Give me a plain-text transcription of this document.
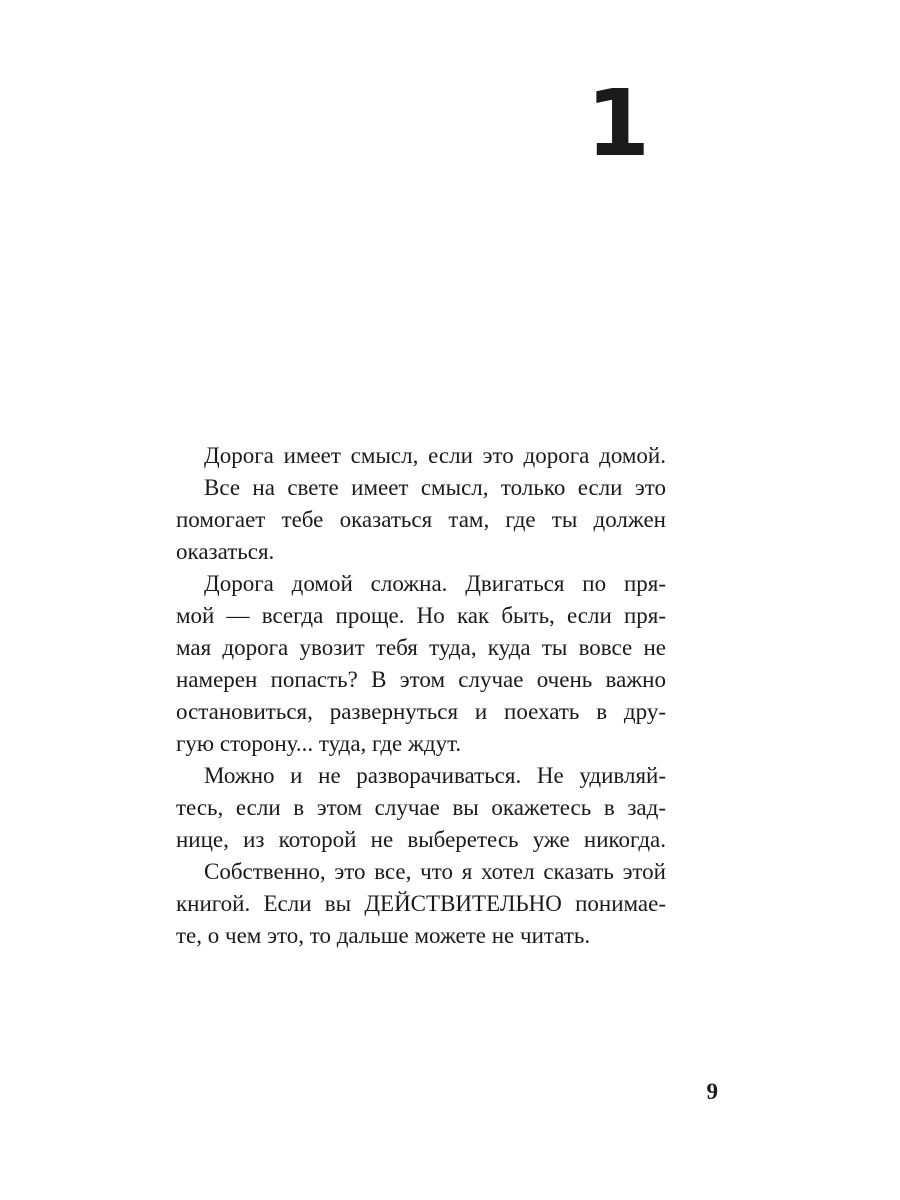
1
Дорога имеет смысл, если это дорога домой.
Все на свете имеет смысл, только если это
помогает тебе оказаться там, где ты должен
оказаться.
Дорога домой сложна. Двигаться по пря-
мой — всегда проще. Но как быть, если пря-
мая дорога увозит тебя туда, куда ты вовсе не
намерен попасть? В этом случае очень важно
остановиться, развернуться и поехать в дру-
гую сторону... туда, где ждут.
Можно и не разворачиваться. Не удивляй-
тесь, если в этом случае вы окажетесь в зад-
нице, из которой не выберетесь уже никогда.
Собственно, это все, что я хотел сказать этой
книгой. Если вы ДЕЙСТВИТЕЛЬНО понимае-
те, о чем это, то дальше можете не читать.
9
